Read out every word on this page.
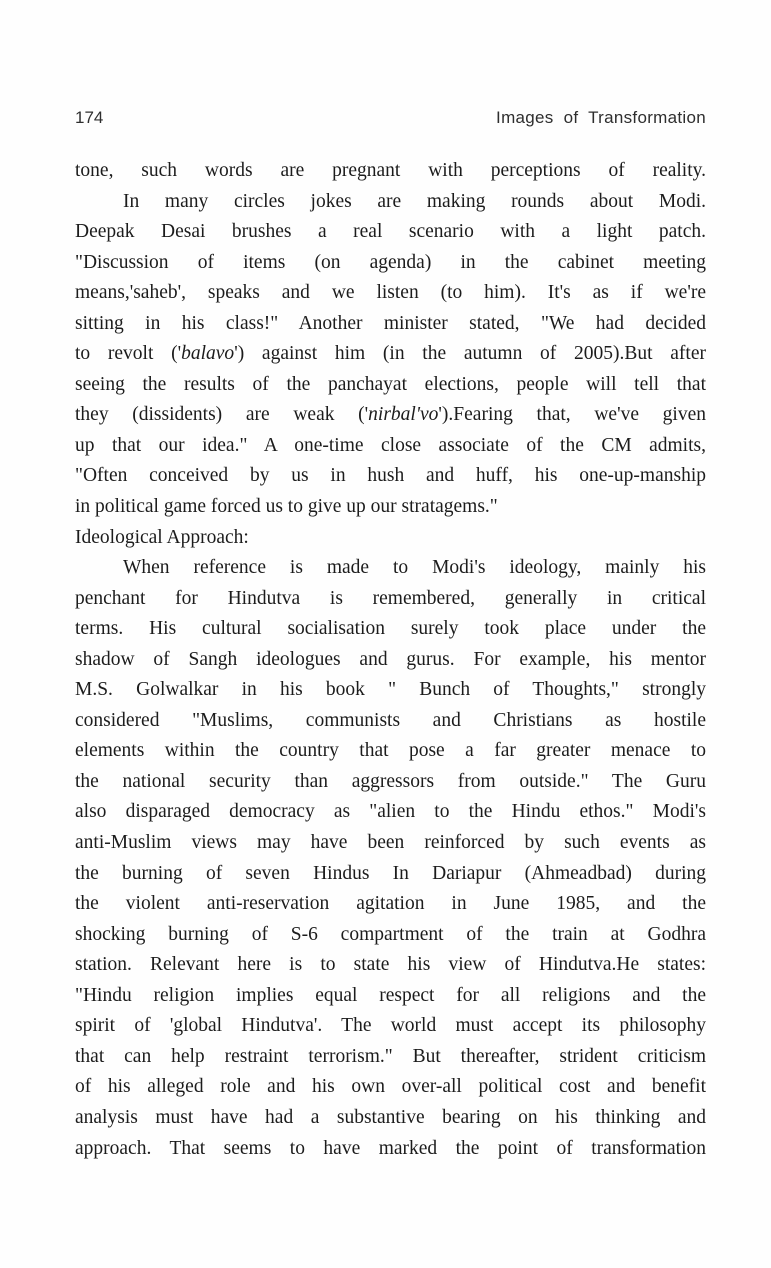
174	Images of Transformation
tone, such words are pregnant with perceptions of reality.
In many circles jokes are making rounds about Modi.
Deepak Desai brushes a real scenario with a light patch.
"Discussion of items (on agenda) in the cabinet meeting
means,'saheb', speaks and we listen (to him). It's as if we're
sitting in his class!" Another minister stated, "We had decided
to revolt ('balavo') against him (in the autumn of 2005).But after
seeing the results of the panchayat elections, people will tell that
they (dissidents) are weak ('nirbal'vo').Fearing that, we've given
up that our idea." A one-time close associate of the CM admits,
"Often conceived by us in hush and huff, his one-up-manship
in political game forced us to give up our stratagems."
Ideological Approach:
When reference is made to Modi's ideology, mainly his
penchant for Hindutva is remembered, generally in critical
terms. His cultural socialisation surely took place under the
shadow of Sangh ideologues and gurus. For example, his mentor
M.S. Golwalkar in his book " Bunch of Thoughts," strongly
considered "Muslims, communists and Christians as hostile
elements within the country that pose a far greater menace to
the national security than aggressors from outside." The Guru
also disparaged democracy as "alien to the Hindu ethos." Modi's
anti-Muslim views may have been reinforced by such events as
the burning of seven Hindus In Dariapur (Ahmeadbad) during
the violent anti-reservation agitation in June 1985, and the
shocking burning of S-6 compartment of the train at Godhra
station. Relevant here is to state his view of Hindutva.He states:
"Hindu religion implies equal respect for all religions and the
spirit of 'global Hindutva'. The world must accept its philosophy
that can help restraint terrorism." But thereafter, strident criticism
of his alleged role and his own over-all political cost and benefit
analysis must have had a substantive bearing on his thinking and
approach. That seems to have marked the point of transformation
